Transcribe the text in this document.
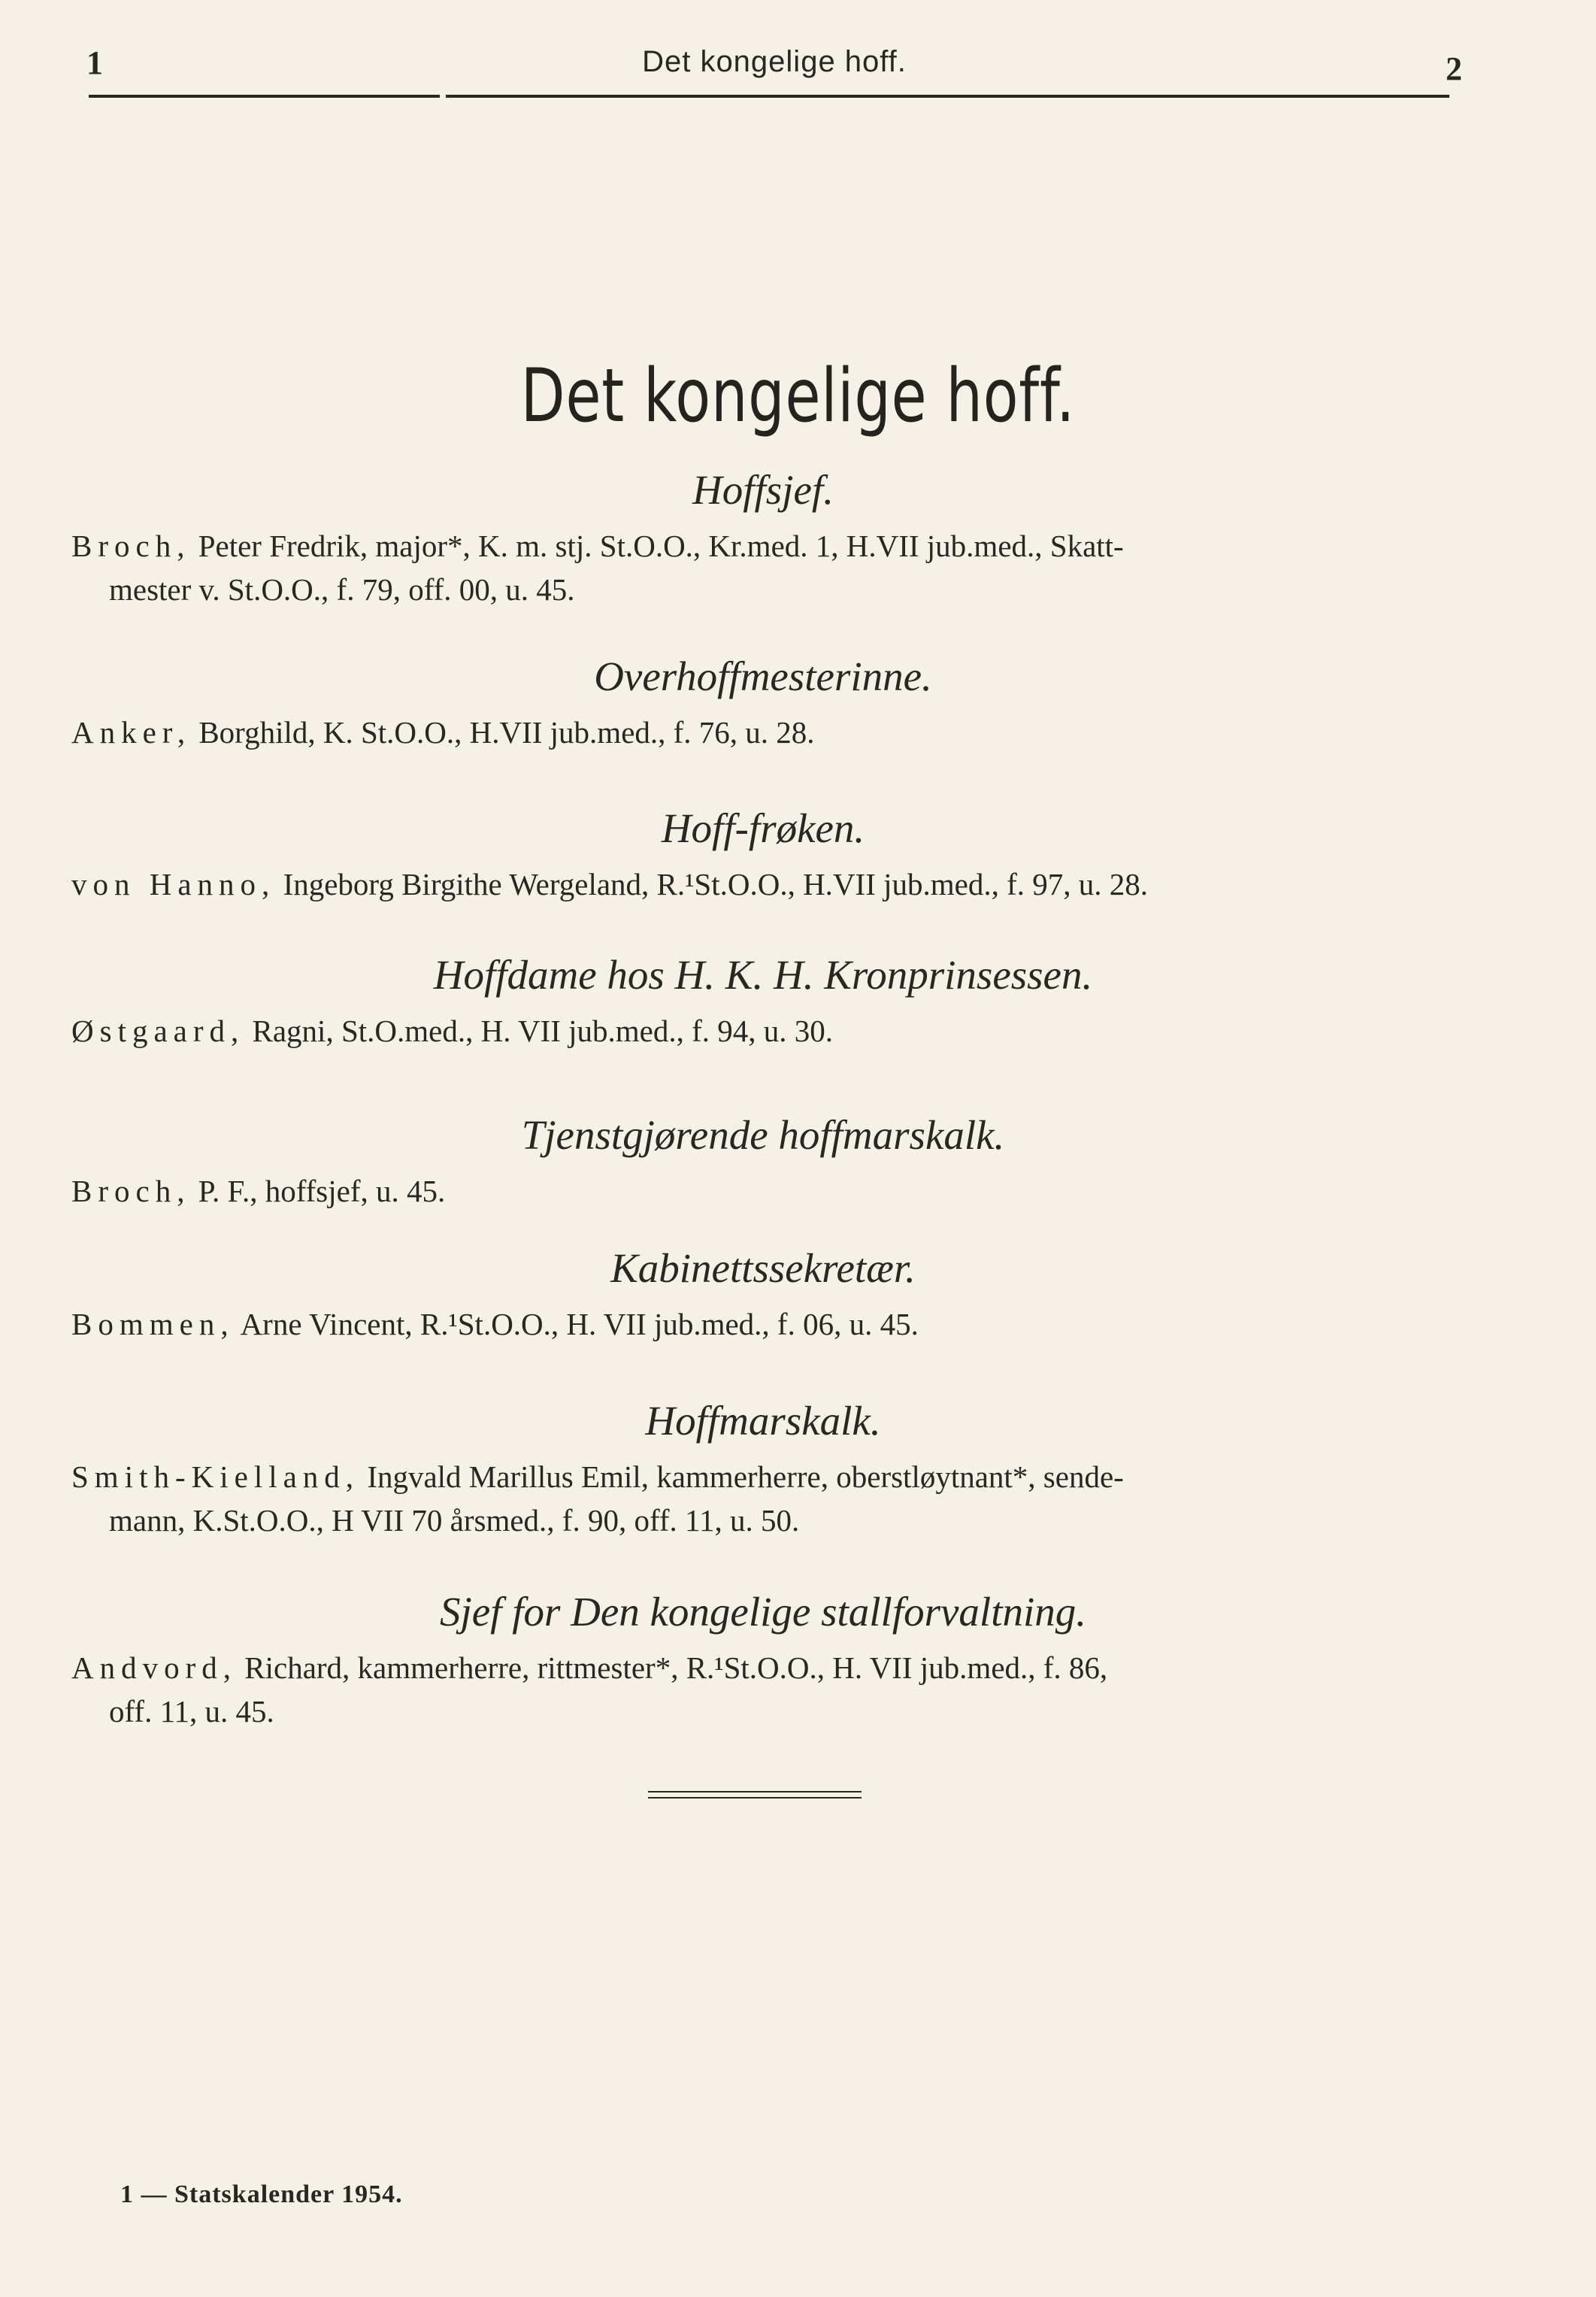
1	Det kongelige hoff.	2
Det kongelige hoff.
Hoffsjef.
Broch, Peter Fredrik, major*, K. m. stj. St.O.O., Kr.med. 1, H.VII jub.med., Skatt-
mester v. St.O.O., f. 79, off. 00, u. 45.
Overhoffmesterinne.
Anker, Borghild, K. St.O.O., H.VII jub.med., f. 76, u. 28.
Hoff-frøken.
von Hanno, Ingeborg Birgithe Wergeland, R.¹St.O.O., H.VII jub.med., f. 97, u. 28.
Hoffdame hos H. K. H. Kronprinsessen.
Østgaard, Ragni, St.O.med., H. VII jub.med., f. 94, u. 30.
Tjenstgjørende hoffmarskalk.
Broch, P. F., hoffsjef, u. 45.
Kabinettssekretær.
Bommen, Arne Vincent, R.¹St.O.O., H. VII jub.med., f. 06, u. 45.
Hoffmarskalk.
Smith-Kielland, Ingvald Marillus Emil, kammerherre, oberstløytnant*, sende-
mann, K.St.O.O., H VII 70 årsmed., f. 90, off. 11, u. 50.
Sjef for Den kongelige stallforvaltning.
Andvord, Richard, kammerherre, rittmester*, R.¹St.O.O., H. VII jub.med., f. 86,
off. 11, u. 45.
1 — Statskalender 1954.
